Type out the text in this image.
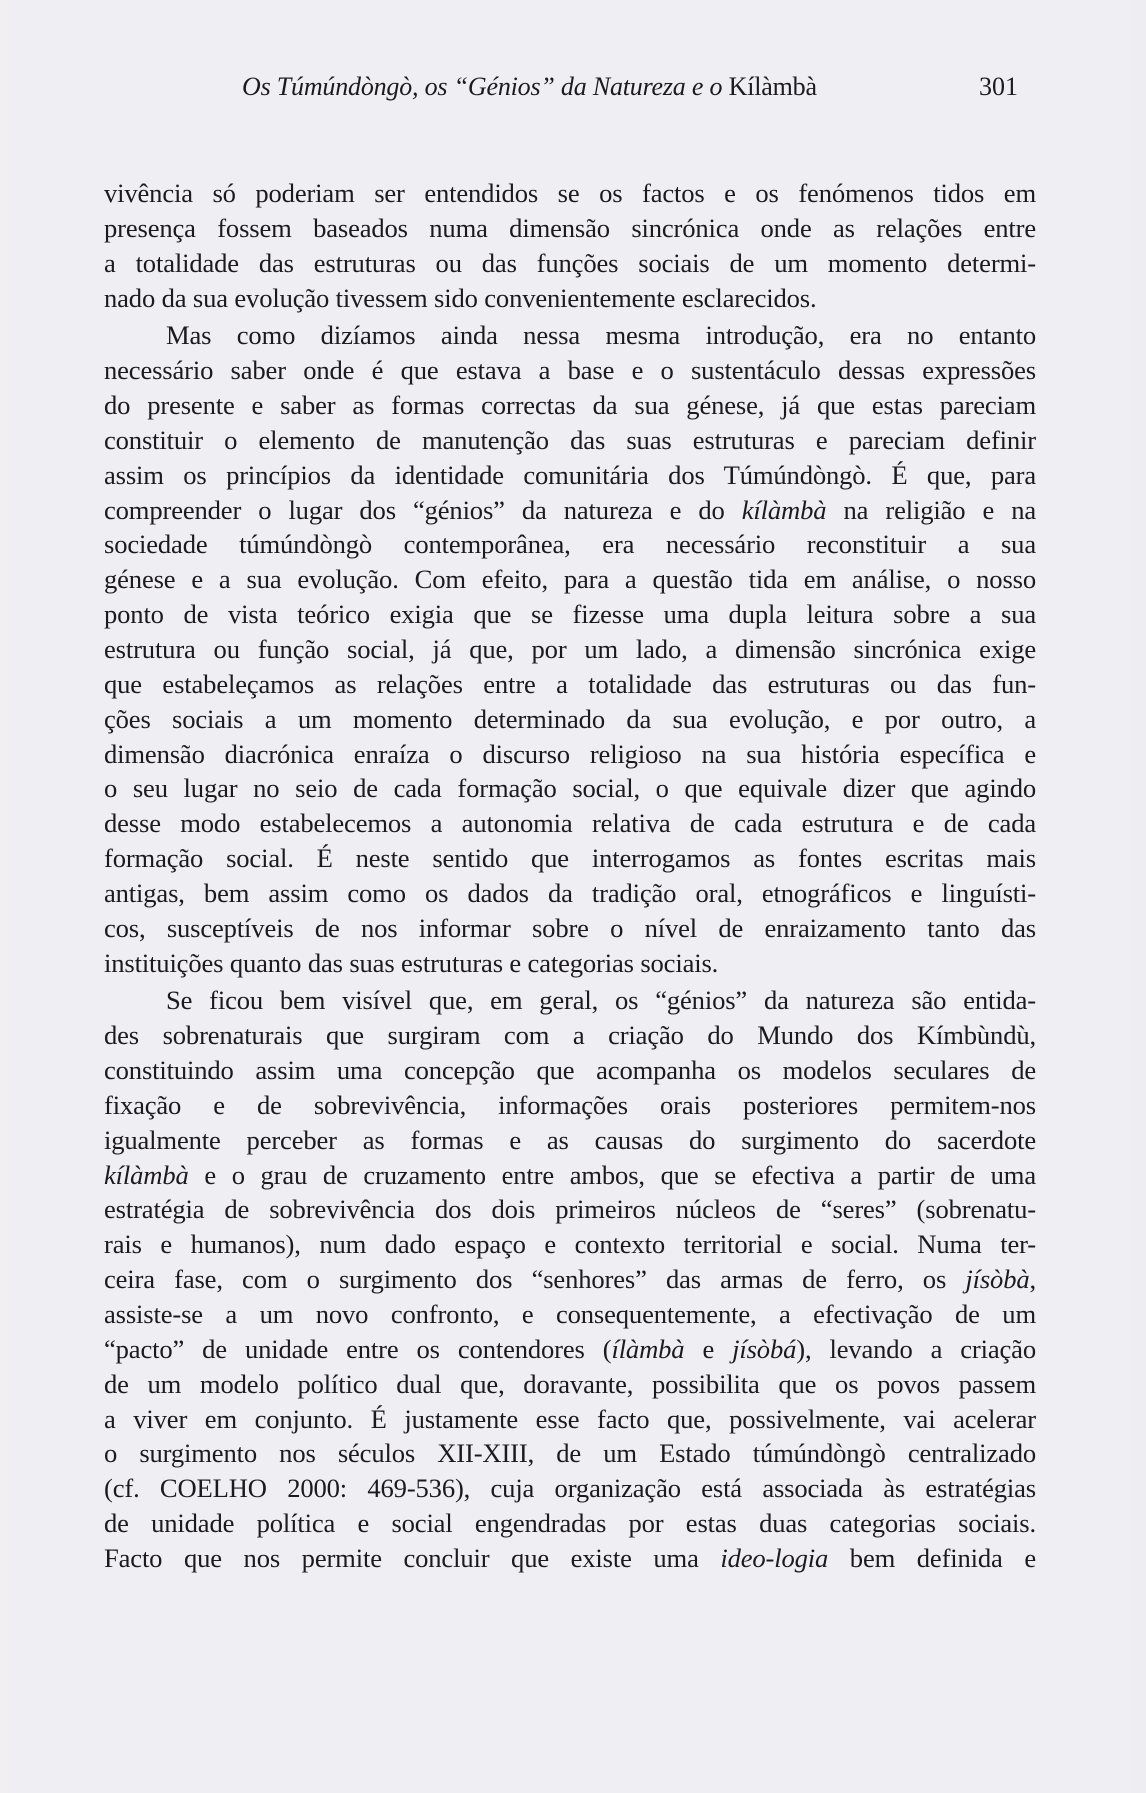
Os Túmúndòngò, os “Génios” da Natureza e o Kílàmbà	301
vivência só poderiam ser entendidos se os factos e os fenómenos tidos em
presença fossem baseados numa dimensão sincrónica onde as relações entre
a totalidade das estruturas ou das funções sociais de um momento determi-
nado da sua evolução tivessem sido convenientemente esclarecidos.
Mas como dizíamos ainda nessa mesma introdução, era no entanto
necessário saber onde é que estava a base e o sustentáculo dessas expressões
do presente e saber as formas correctas da sua génese, já que estas pareciam
constituir o elemento de manutenção das suas estruturas e pareciam definir
assim os princípios da identidade comunitária dos Túmúndòngò. É que, para
compreender o lugar dos “génios” da natureza e do kílàmbà na religião e na
sociedade túmúndòngò contemporânea, era necessário reconstituir a sua
génese e a sua evolução. Com efeito, para a questão tida em análise, o nosso
ponto de vista teórico exigia que se fizesse uma dupla leitura sobre a sua
estrutura ou função social, já que, por um lado, a dimensão sincrónica exige
que estabeleçamos as relações entre a totalidade das estruturas ou das fun-
ções sociais a um momento determinado da sua evolução, e por outro, a
dimensão diacrónica enraíza o discurso religioso na sua história específica e
o seu lugar no seio de cada formação social, o que equivale dizer que agindo
desse modo estabelecemos a autonomia relativa de cada estrutura e de cada
formação social. É neste sentido que interrogamos as fontes escritas mais
antigas, bem assim como os dados da tradição oral, etnográficos e linguísti-
cos, susceptíveis de nos informar sobre o nível de enraizamento tanto das
instituições quanto das suas estruturas e categorias sociais.
Se ficou bem visível que, em geral, os “génios” da natureza são entida-
des sobrenaturais que surgiram com a criação do Mundo dos Kímbùndù,
constituindo assim uma concepção que acompanha os modelos seculares de
fixação e de sobrevivência, informações orais posteriores permitem-nos
igualmente perceber as formas e as causas do surgimento do sacerdote
kílàmbà e o grau de cruzamento entre ambos, que se efectiva a partir de uma
estratégia de sobrevivência dos dois primeiros núcleos de “seres” (sobrenatu-
rais e humanos), num dado espaço e contexto territorial e social. Numa ter-
ceira fase, com o surgimento dos “senhores” das armas de ferro, os jísòbà,
assiste-se a um novo confronto, e consequentemente, a efectivação de um
“pacto” de unidade entre os contendores (ílàmbà e jísòbá), levando a criação
de um modelo político dual que, doravante, possibilita que os povos passem
a viver em conjunto. É justamente esse facto que, possivelmente, vai acelerar
o surgimento nos séculos XII-XIII, de um Estado túmúndòngò centralizado
(cf. COELHO 2000: 469-536), cuja organização está associada às estratégias
de unidade política e social engendradas por estas duas categorias sociais.
Facto que nos permite concluir que existe uma ideo-logia bem definida e
